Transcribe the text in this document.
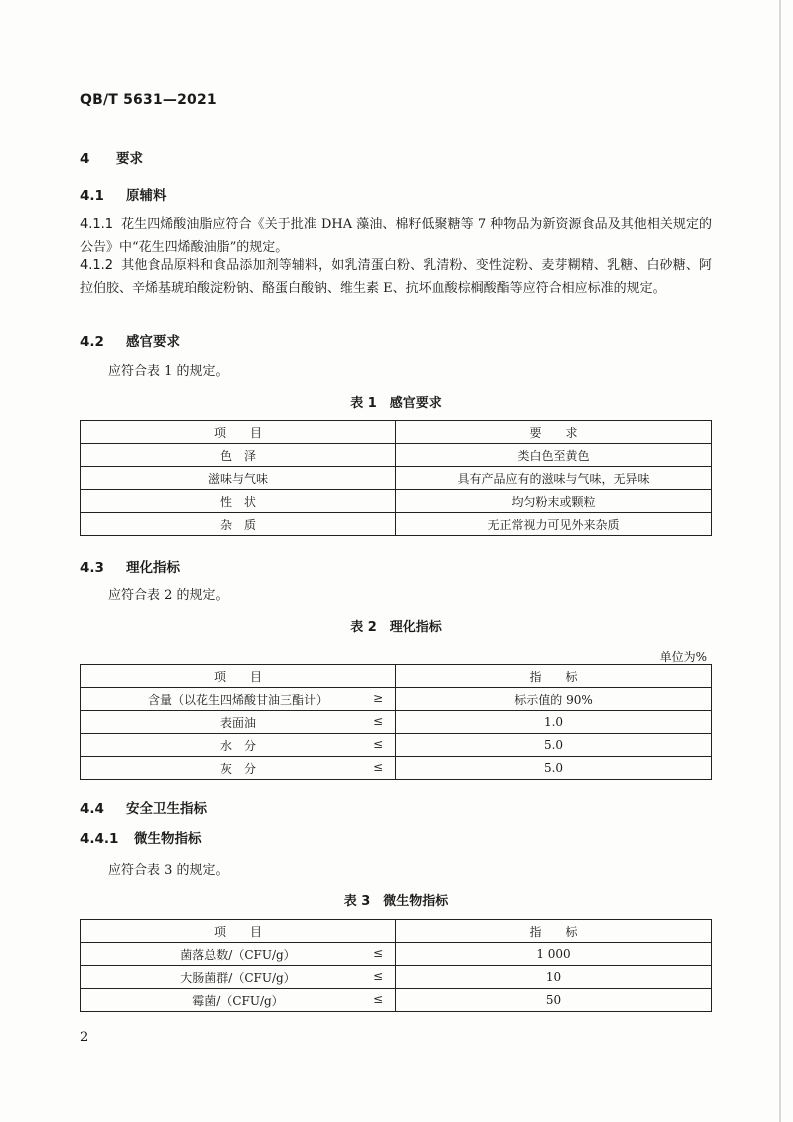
QB/T 5631—2021
4 要求
4.1 原辅料
4.1.1 花生四烯酸油脂应符合《关于批准 DHA 藻油、棉籽低聚糖等 7 种物品为新资源食品及其他相关规定的公告》中“花生四烯酸油脂”的规定。
4.1.2 其他食品原料和食品添加剂等辅料，如乳清蛋白粉、乳清粉、变性淀粉、麦芽糊精、乳糖、白砂糖、阿拉伯胶、辛烯基琥珀酸淀粉钠、酪蛋白酸钠、维生素 E、抗坏血酸棕榈酸酯等应符合相应标准的规定。
4.2 感官要求
应符合表 1 的规定。
表 1　感官要求
项　　目	要　　求
色　泽	类白色至黄色
滋味与气味	具有产品应有的滋味与气味，无异味
性　状	均匀粉末或颗粒
杂　质	无正常视力可见外来杂质
4.3 理化指标
应符合表 2 的规定。
表 2　理化指标
单位为%
项　　目	指　　标
含量（以花生四烯酸甘油三酯计） ≥	标示值的 90%
表面油 ≤	1.0
水　分 ≤	5.0
灰　分 ≤	5.0
4.4 安全卫生指标
4.4.1 微生物指标
应符合表 3 的规定。
表 3　微生物指标
项　　目	指　　标
菌落总数/（CFU/g） ≤	1 000
大肠菌群/（CFU/g） ≤	10
霉菌/（CFU/g） ≤	50
2
